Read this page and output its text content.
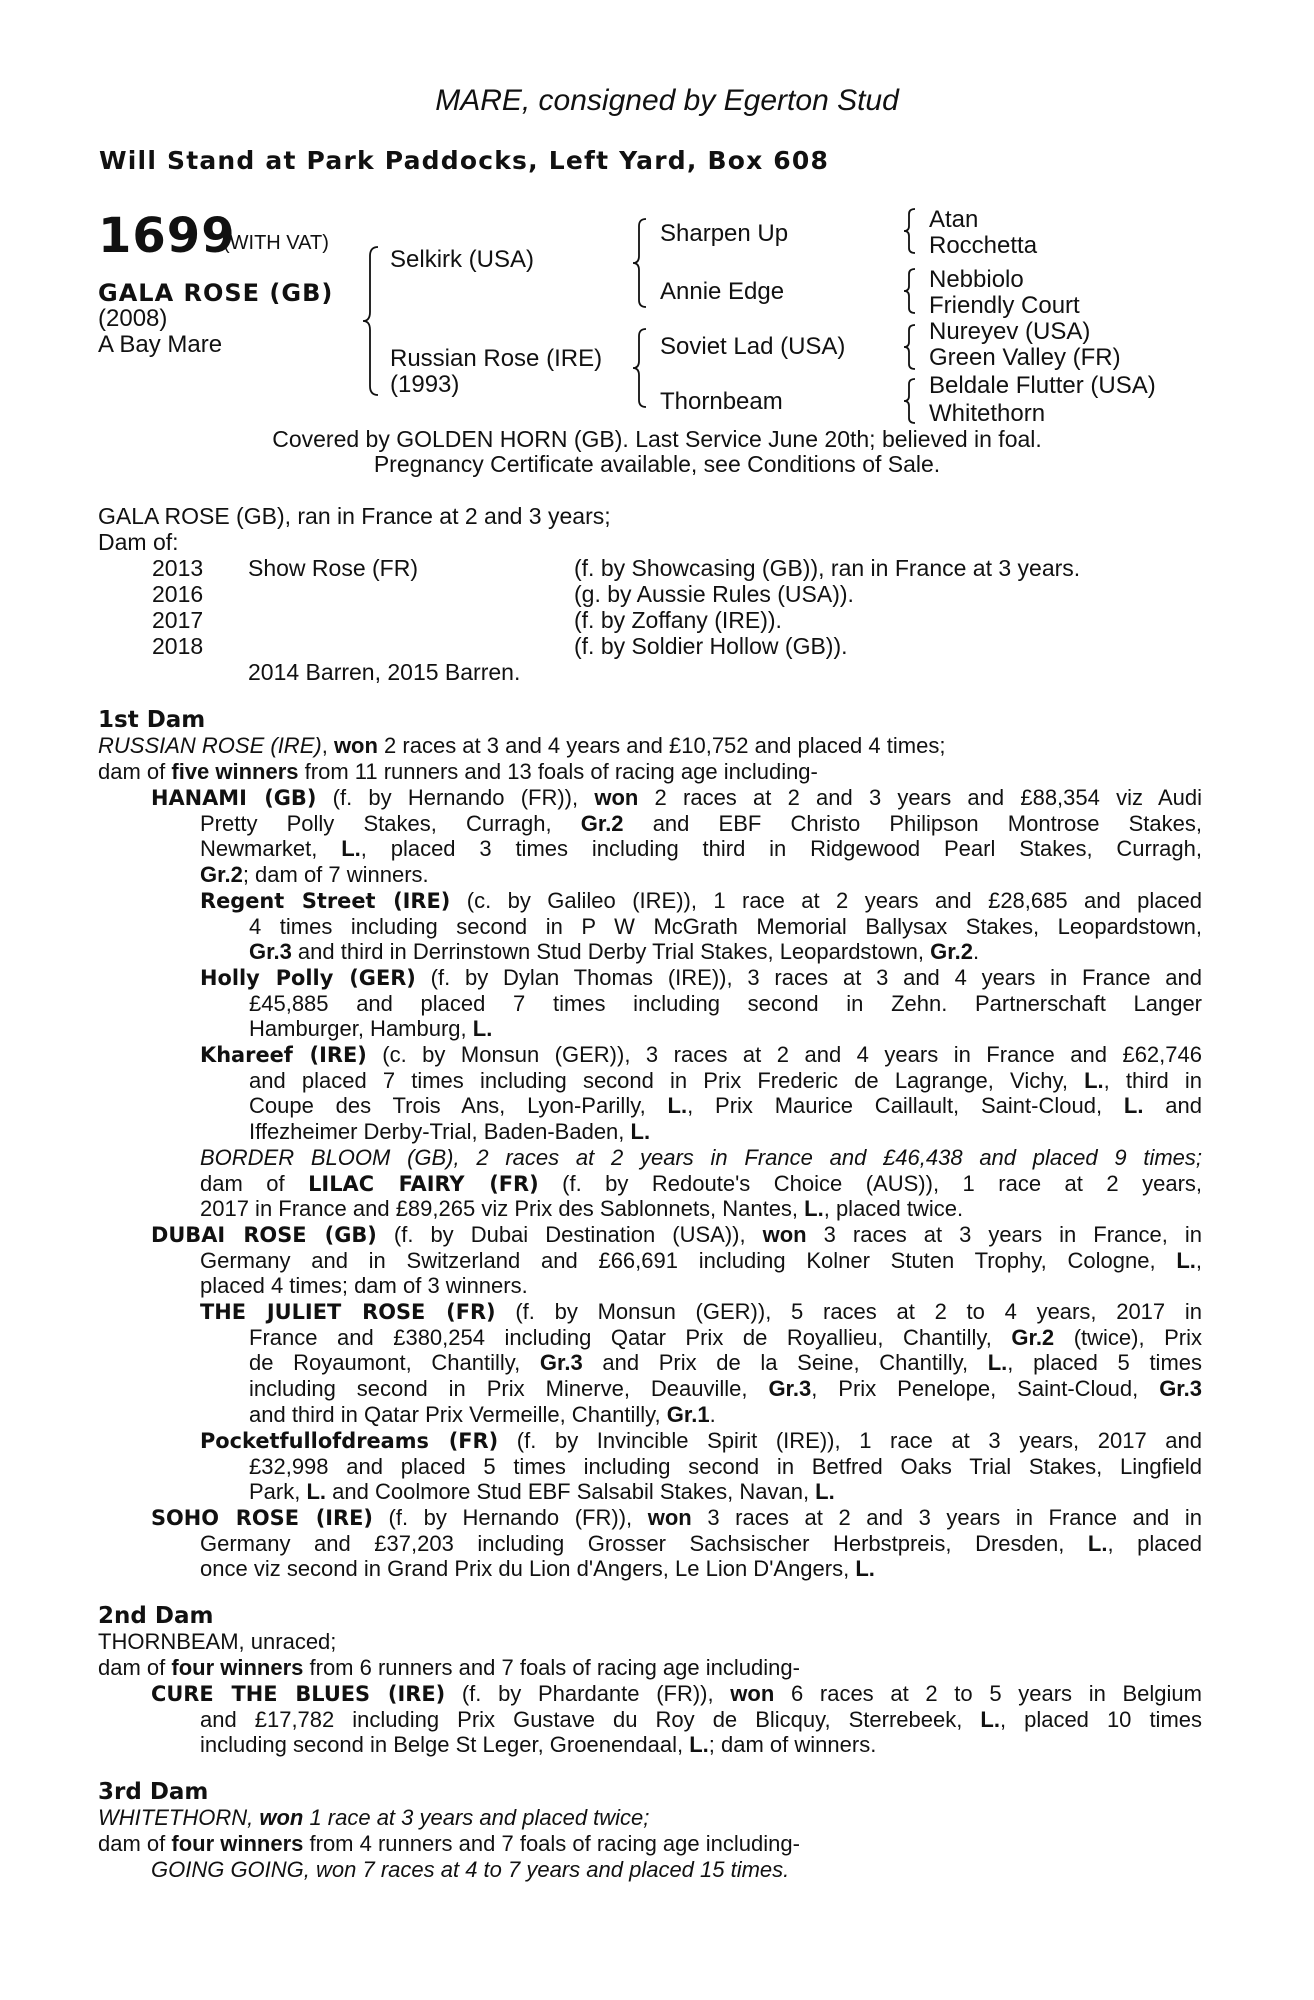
MARE, consigned by Egerton Stud
Will Stand at Park Paddocks, Left Yard, Box 608
1699
(WITH VAT)
GALA ROSE (GB)
(2008)
A Bay Mare
Selkirk (USA)
Russian Rose (IRE)
(1993)
Sharpen Up
Annie Edge
Soviet Lad (USA)
Thornbeam
Atan
Rocchetta
Nebbiolo
Friendly Court
Nureyev (USA)
Green Valley (FR)
Beldale Flutter (USA)
Whitethorn
Covered by GOLDEN HORN (GB). Last Service June 20th; believed in foal.
Pregnancy Certificate available, see Conditions of Sale.
GALA ROSE (GB), ran in France at 2 and 3 years;
Dam of:
2013 Show Rose (FR)	(f. by Showcasing (GB)), ran in France at 3 years.
2016	(g. by Aussie Rules (USA)).
2017	(f. by Zoffany (IRE)).
2018	(f. by Soldier Hollow (GB)).
2014 Barren, 2015 Barren.
1st Dam
RUSSIAN ROSE (IRE), won 2 races at 3 and 4 years and £10,752 and placed 4 times;
dam of five winners from 11 runners and 13 foals of racing age including-
HANAMI (GB) (f. by Hernando (FR)), won 2 races at 2 and 3 years and £88,354 viz Audi
Pretty Polly Stakes, Curragh, Gr.2 and EBF Christo Philipson Montrose Stakes,
Newmarket, L., placed 3 times including third in Ridgewood Pearl Stakes, Curragh,
Gr.2; dam of 7 winners.
Regent Street (IRE) (c. by Galileo (IRE)), 1 race at 2 years and £28,685 and placed
4 times including second in P W McGrath Memorial Ballysax Stakes, Leopardstown,
Gr.3 and third in Derrinstown Stud Derby Trial Stakes, Leopardstown, Gr.2.
Holly Polly (GER) (f. by Dylan Thomas (IRE)), 3 races at 3 and 4 years in France and
£45,885 and placed 7 times including second in Zehn. Partnerschaft Langer
Hamburger, Hamburg, L.
Khareef (IRE) (c. by Monsun (GER)), 3 races at 2 and 4 years in France and £62,746
and placed 7 times including second in Prix Frederic de Lagrange, Vichy, L., third in
Coupe des Trois Ans, Lyon-Parilly, L., Prix Maurice Caillault, Saint-Cloud, L. and
Iffezheimer Derby-Trial, Baden-Baden, L.
BORDER BLOOM (GB), 2 races at 2 years in France and £46,438 and placed 9 times;
dam of LILAC FAIRY (FR) (f. by Redoute's Choice (AUS)), 1 race at 2 years,
2017 in France and £89,265 viz Prix des Sablonnets, Nantes, L., placed twice.
DUBAI ROSE (GB) (f. by Dubai Destination (USA)), won 3 races at 3 years in France, in
Germany and in Switzerland and £66,691 including Kolner Stuten Trophy, Cologne, L.,
placed 4 times; dam of 3 winners.
THE JULIET ROSE (FR) (f. by Monsun (GER)), 5 races at 2 to 4 years, 2017 in
France and £380,254 including Qatar Prix de Royallieu, Chantilly, Gr.2 (twice), Prix
de Royaumont, Chantilly, Gr.3 and Prix de la Seine, Chantilly, L., placed 5 times
including second in Prix Minerve, Deauville, Gr.3, Prix Penelope, Saint-Cloud, Gr.3
and third in Qatar Prix Vermeille, Chantilly, Gr.1.
Pocketfullofdreams (FR) (f. by Invincible Spirit (IRE)), 1 race at 3 years, 2017 and
£32,998 and placed 5 times including second in Betfred Oaks Trial Stakes, Lingfield
Park, L. and Coolmore Stud EBF Salsabil Stakes, Navan, L.
SOHO ROSE (IRE) (f. by Hernando (FR)), won 3 races at 2 and 3 years in France and in
Germany and £37,203 including Grosser Sachsischer Herbstpreis, Dresden, L., placed
once viz second in Grand Prix du Lion d'Angers, Le Lion D'Angers, L.
2nd Dam
THORNBEAM, unraced;
dam of four winners from 6 runners and 7 foals of racing age including-
CURE THE BLUES (IRE) (f. by Phardante (FR)), won 6 races at 2 to 5 years in Belgium
and £17,782 including Prix Gustave du Roy de Blicquy, Sterrebeek, L., placed 10 times
including second in Belge St Leger, Groenendaal, L.; dam of winners.
3rd Dam
WHITETHORN, won 1 race at 3 years and placed twice;
dam of four winners from 4 runners and 7 foals of racing age including-
GOING GOING, won 7 races at 4 to 7 years and placed 15 times.
